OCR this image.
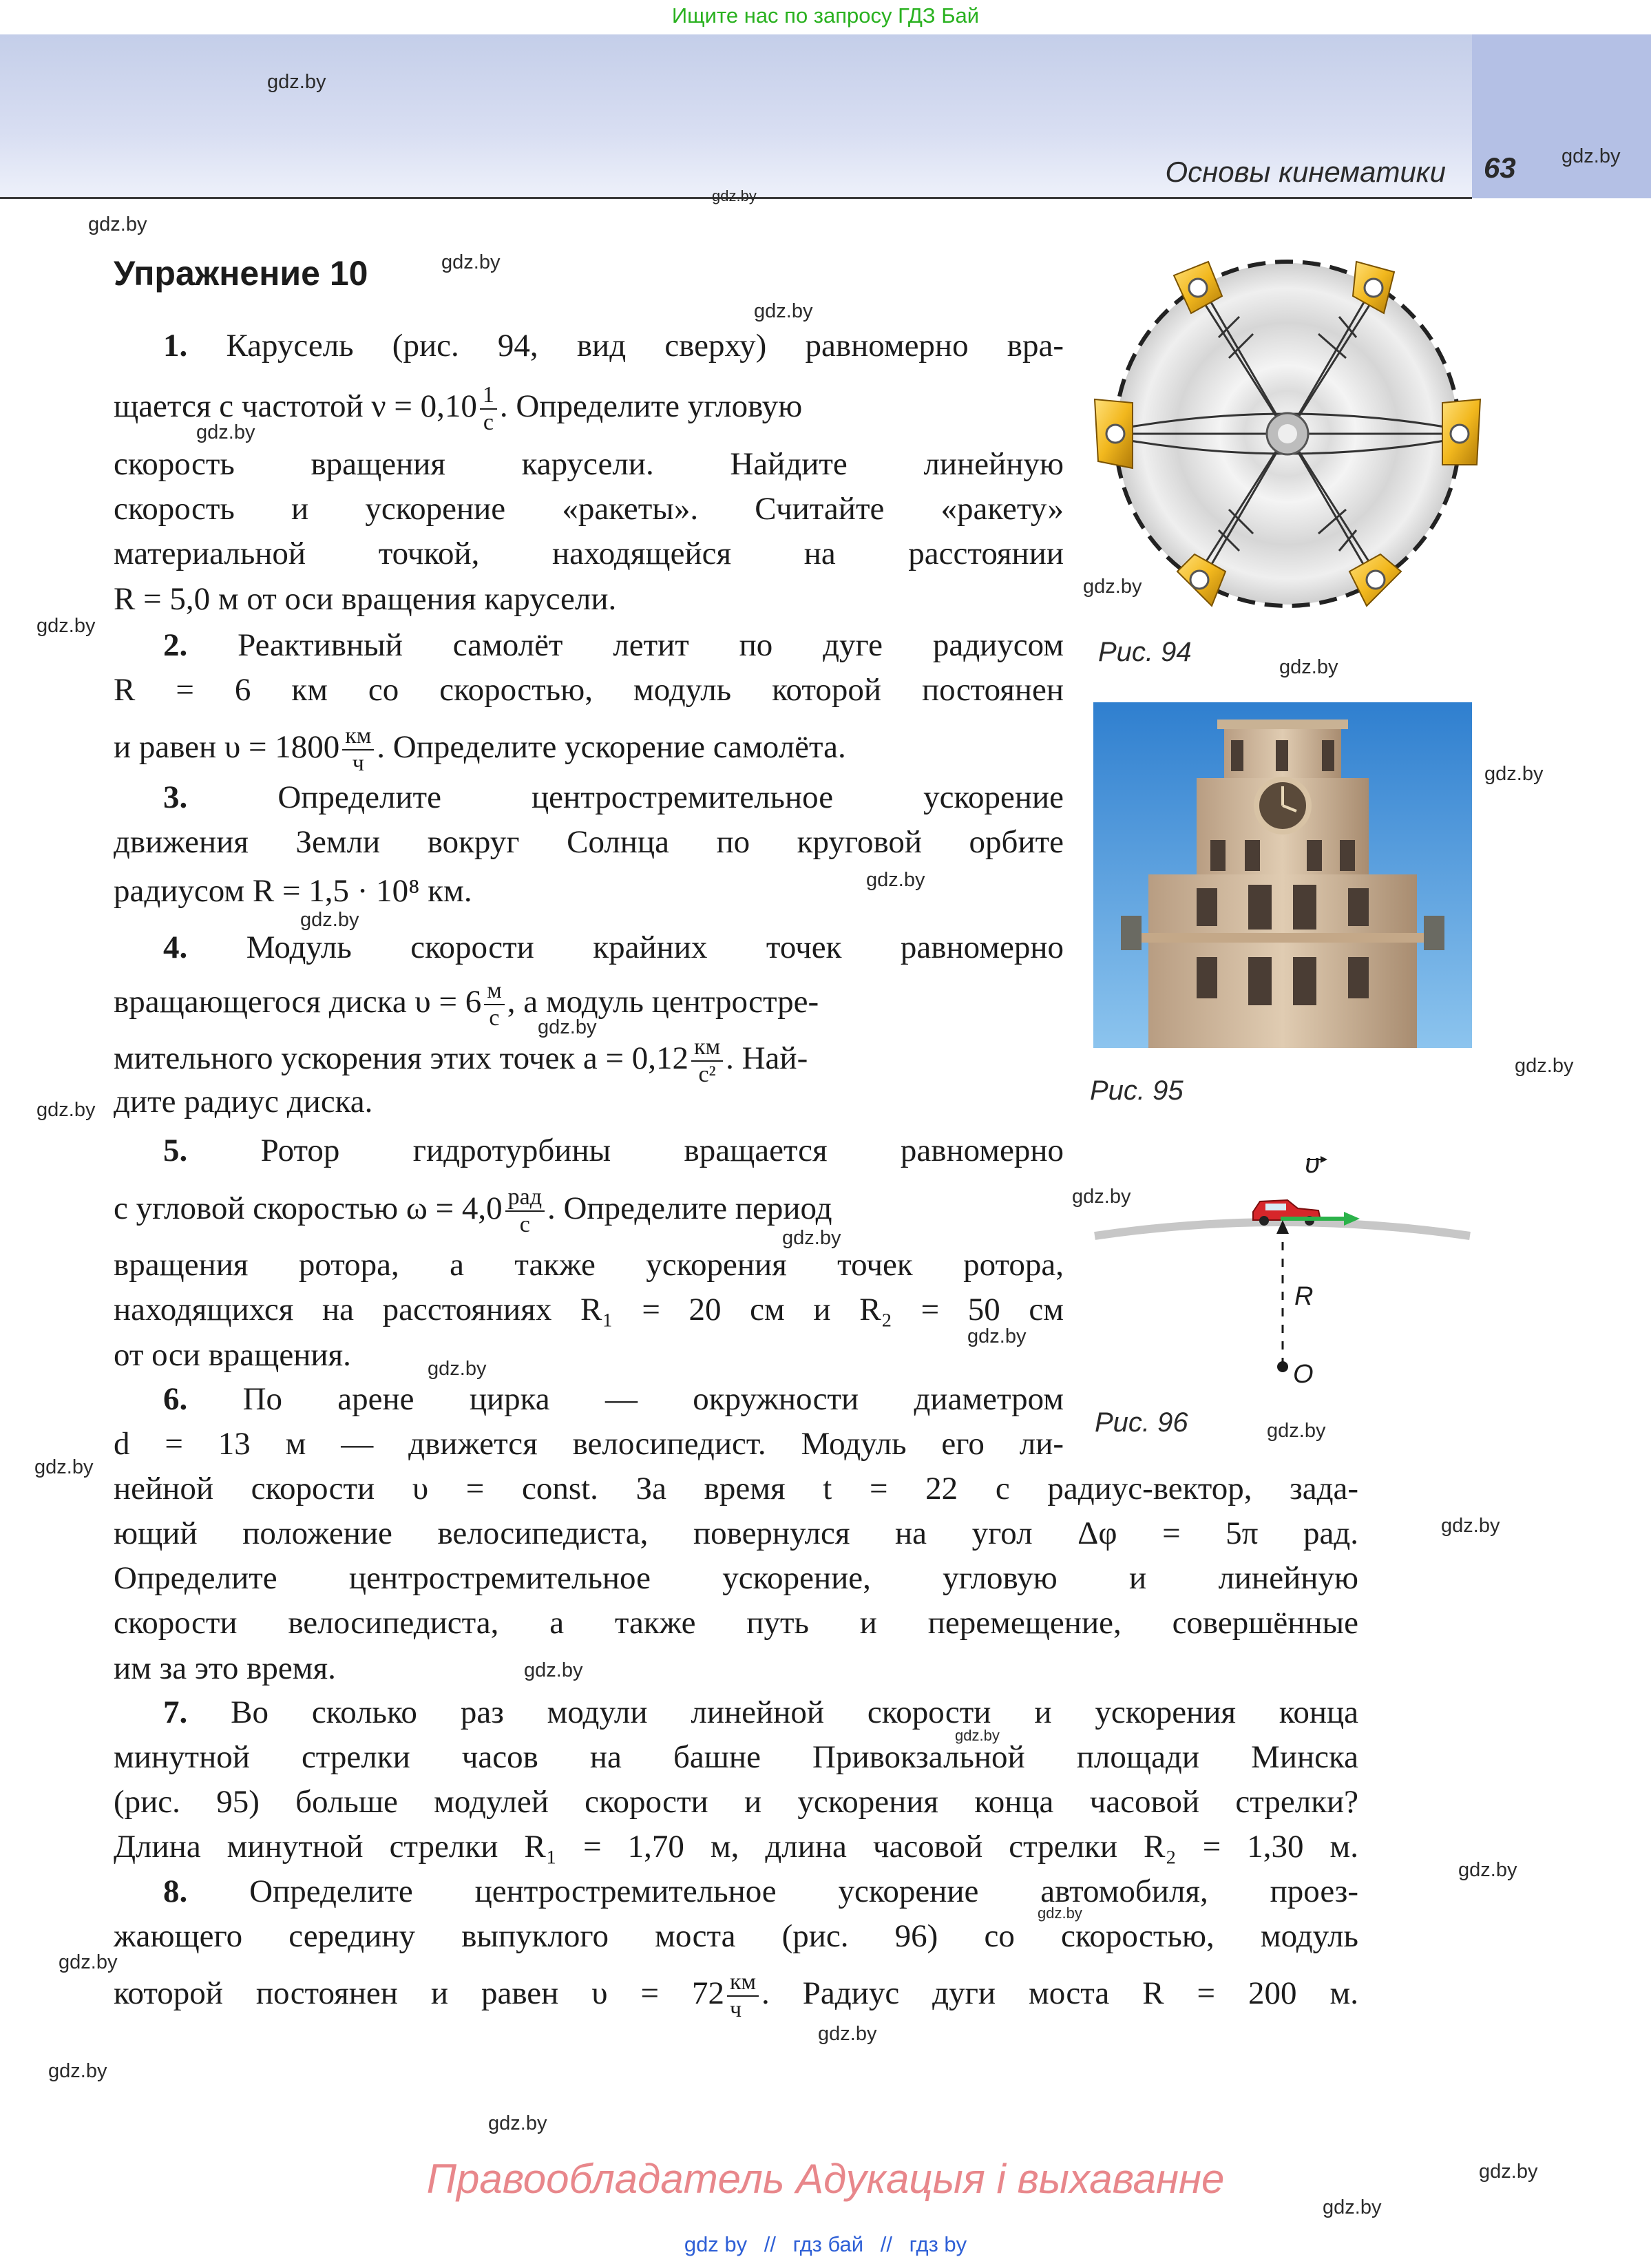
Ищите нас по запросу ГДЗ Бай
Основы кинематики 63
gdz.by
gdz.by
gdz.by
gdz.by
gdz.by
gdz.by
gdz.by
gdz.by
gdz.by
gdz.by
gdz.by
gdz.by
gdz.by
gdz.by
gdz.by
gdz.by
gdz.by
gdz.by
gdz.by
gdz.by
gdz.by
gdz.by
gdz.by
gdz.by
gdz.by
gdz.by
gdz.by
gdz.by
gdz.by
gdz.by
gdz.by
gdz.by
gdz.by
Упражнение 10
1. Карусель (рис. 94, вид сверху) равномерно вра-
щается с частотой $\nu = 0,10 \frac{1}{с}$ . Определите угловую
скорость вращения карусели. Найдите линейную
скорость и ускорение «ракеты». Считайте «ракету»
материальной точкой, находящейся на расстоянии
R = 5,0 м от оси вращения карусели.
2. Реактивный самолёт летит по дуге радиусом
R = 6 км со скоростью, модуль которой постоянен
и равен $\upsilon = 1800 \frac{км}{ч}$ . Определите ускорение самолёта.
3.	Определите центростремительное ускорение
движения Земли вокруг Солнца по круговой орбите
радиусом R = 1,5 · 10⁸ км.
4. Модуль скорости крайних точек равномерно
вращающегося диска $\upsilon = 6 \frac{м}{с}$ , а модуль центростре-
мительного ускорения этих точек $a = 0,12 \frac{км}{\text{с²}}$ . Най-
дите радиус диска.
5. Ротор гидротурбины вращается равномерно
с угловой скоростью $\omega = 4,0 \frac{\text{рад}}{с}$ . Определите период
вращения ротора, а также ускорения точек ротора,
находящихся на расстояниях R₁ = 20 см и R₂ = 50 см
от оси вращения.
6. По арене цирка — окружности диаметром
d = 13 м — движется велосипедист. Модуль его ли-
нейной скорости υ = const. За время t = 22 с радиус-вектор, зада-
ющий положение велосипедиста, повернулся на угол Δφ = 5π рад.
Определите центростремительное ускорение, угловую и линейную
скорости велосипедиста, а также путь и перемещение, совершённые
им за это время.
7. Во сколько раз модули линейной скорости и ускорения конца
минутной стрелки часов на башне Привокзальной площади Минска
(рис. 95) больше модулей скорости и ускорения конца часовой стрелки?
Длина минутной стрелки R₁ = 1,70 м, длина часовой стрелки R₂ = 1,30 м.
8. Определите центростремительное ускорение автомобиля, проез-
жающего середину выпуклого моста (рис. 96) со скоростью, модуль
которой постоянен и равен $\upsilon = 72 \frac{км}{ч}$ . Радиус дуги моста R = 200 м.
Рис. 94
Рис. 95
υ
R
O
Рис. 96
Правообладатель Адукацыя і выхаванне
gdz by // гдз бай // гдз by
